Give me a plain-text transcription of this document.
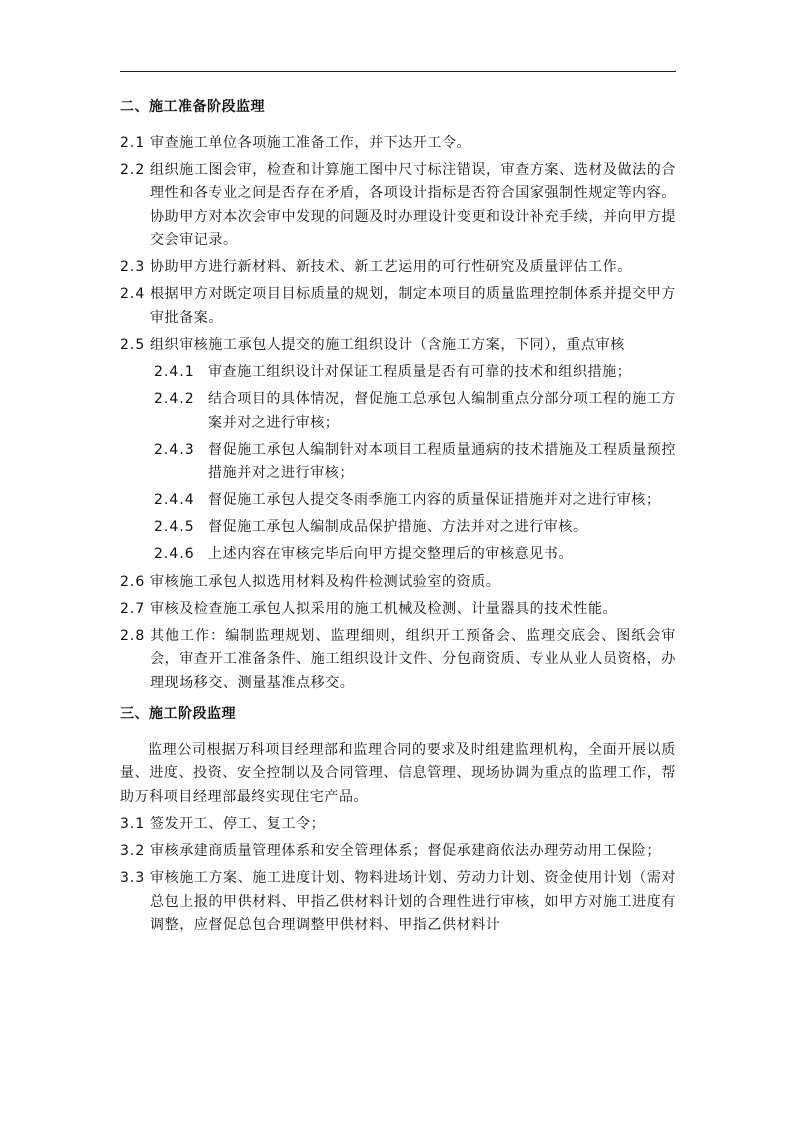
二、施工准备阶段监理
2.1 审查施工单位各项施工准备工作，并下达开工令。
2.2 组织施工图会审，检查和计算施工图中尺寸标注错误，审查方案、选材及做法的合理性和各专业之间是否存在矛盾，各项设计指标是否符合国家强制性规定等内容。协助甲方对本次会审中发现的问题及时办理设计变更和设计补充手续，并向甲方提交会审记录。
2.3 协助甲方进行新材料、新技术、新工艺运用的可行性研究及质量评估工作。
2.4 根据甲方对既定项目目标质量的规划，制定本项目的质量监理控制体系并提交甲方审批备案。
2.5 组织审核施工承包人提交的施工组织设计（含施工方案，下同），重点审核
2.4.1 审查施工组织设计对保证工程质量是否有可靠的技术和组织措施；
2.4.2 结合项目的具体情况，督促施工总承包人编制重点分部分项工程的施工方案并对之进行审核；
2.4.3 督促施工承包人编制针对本项目工程质量通病的技术措施及工程质量预控措施并对之进行审核；
2.4.4 督促施工承包人提交冬雨季施工内容的质量保证措施并对之进行审核；
2.4.5 督促施工承包人编制成品保护措施、方法并对之进行审核。
2.4.6 上述内容在审核完毕后向甲方提交整理后的审核意见书。
2.6 审核施工承包人拟选用材料及构件检测试验室的资质。
2.7 审核及检查施工承包人拟采用的施工机械及检测、计量器具的技术性能。
2.8 其他工作：编制监理规划、监理细则，组织开工预备会、监理交底会、图纸会审会，审查开工准备条件、施工组织设计文件、分包商资质、专业从业人员资格，办理现场移交、测量基准点移交。
三、施工阶段监理
监理公司根据万科项目经理部和监理合同的要求及时组建监理机构，全面开展以质量、进度、投资、安全控制以及合同管理、信息管理、现场协调为重点的监理工作，帮助万科项目经理部最终实现住宅产品。
3.1 签发开工、停工、复工令；
3.2 审核承建商质量管理体系和安全管理体系；督促承建商依法办理劳动用工保险；
3.3 审核施工方案、施工进度计划、物料进场计划、劳动力计划、资金使用计划（需对总包上报的甲供材料、甲指乙供材料计划的合理性进行审核，如甲方对施工进度有调整，应督促总包合理调整甲供材料、甲指乙供材料计
